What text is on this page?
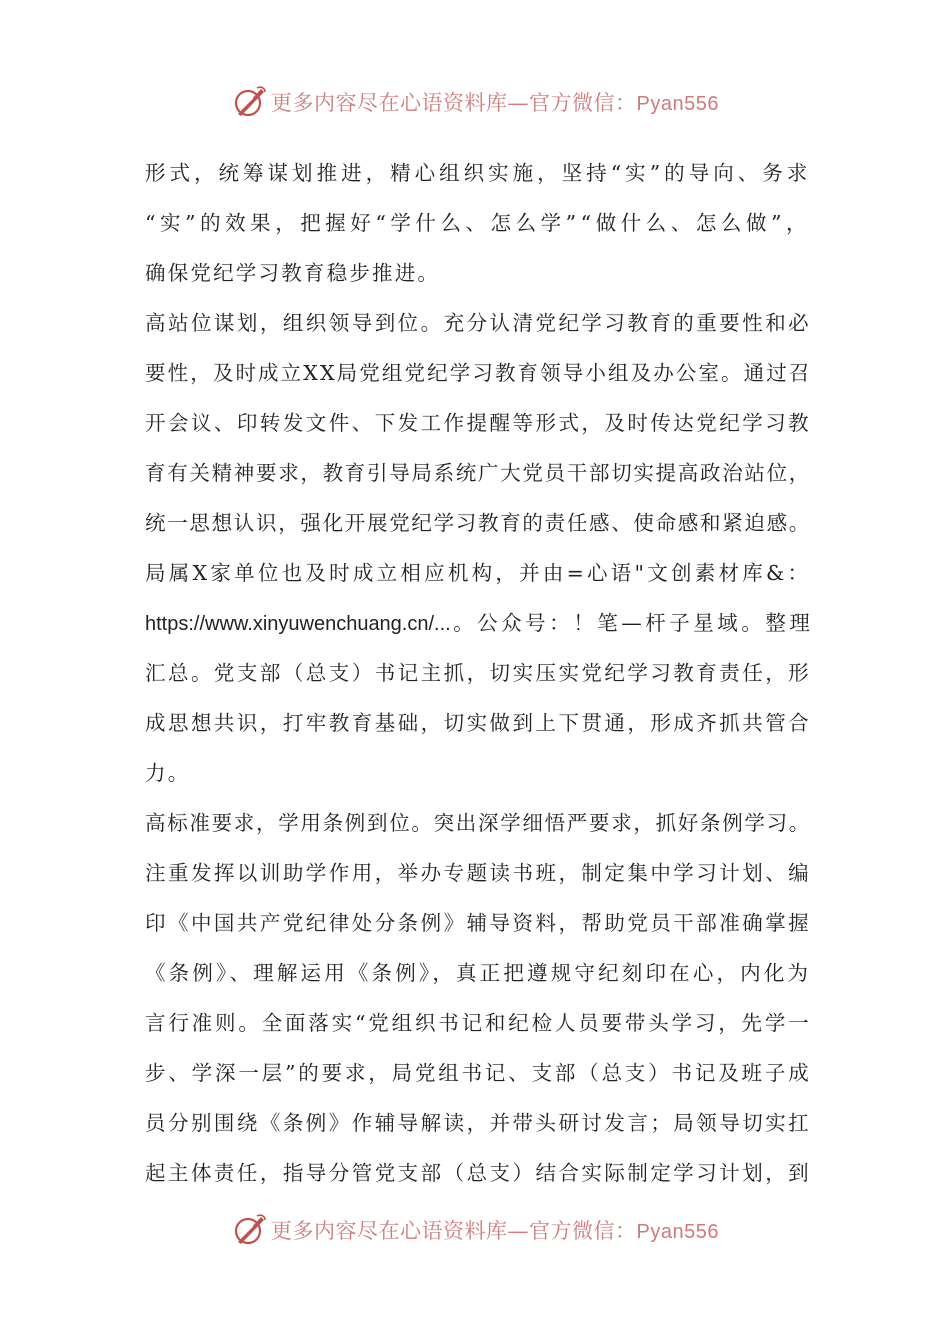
更多内容尽在心语资料库—官方微信：Pyan556
形式，统筹谋划推进，精心组织实施，坚持“实”的导向、务求
“实”的效果，把握好“学什么、怎么学”“做什么、怎么做”，
确保党纪学习教育稳步推进。
高站位谋划，组织领导到位。充分认清党纪学习教育的重要性和必
要性，及时成立XX局党组党纪学习教育领导小组及办公室。通过召
开会议、印转发文件、下发工作提醒等形式，及时传达党纪学习教
育有关精神要求，教育引导局系统广大党员干部切实提高政治站位，
统一思想认识，强化开展党纪学习教育的责任感、使命感和紧迫感。
局属X家单位也及时成立相应机构，并由=心语"文创素材库&：
https://www.xinyuwenchuang.cn/...。公众号：！笔—杆子星域。整理
汇总。党支部（总支）书记主抓，切实压实党纪学习教育责任，形
成思想共识，打牢教育基础，切实做到上下贯通，形成齐抓共管合
力。
高标准要求，学用条例到位。突出深学细悟严要求，抓好条例学习。
注重发挥以训助学作用，举办专题读书班，制定集中学习计划、编
印《中国共产党纪律处分条例》辅导资料，帮助党员干部准确掌握
《条例》、理解运用《条例》，真正把遵规守纪刻印在心，内化为
言行准则。全面落实“党组织书记和纪检人员要带头学习，先学一
步、学深一层”的要求，局党组书记、支部（总支）书记及班子成
员分别围绕《条例》作辅导解读，并带头研讨发言；局领导切实扛
起主体责任，指导分管党支部（总支）结合实际制定学习计划，到
更多内容尽在心语资料库—官方微信：Pyan556
